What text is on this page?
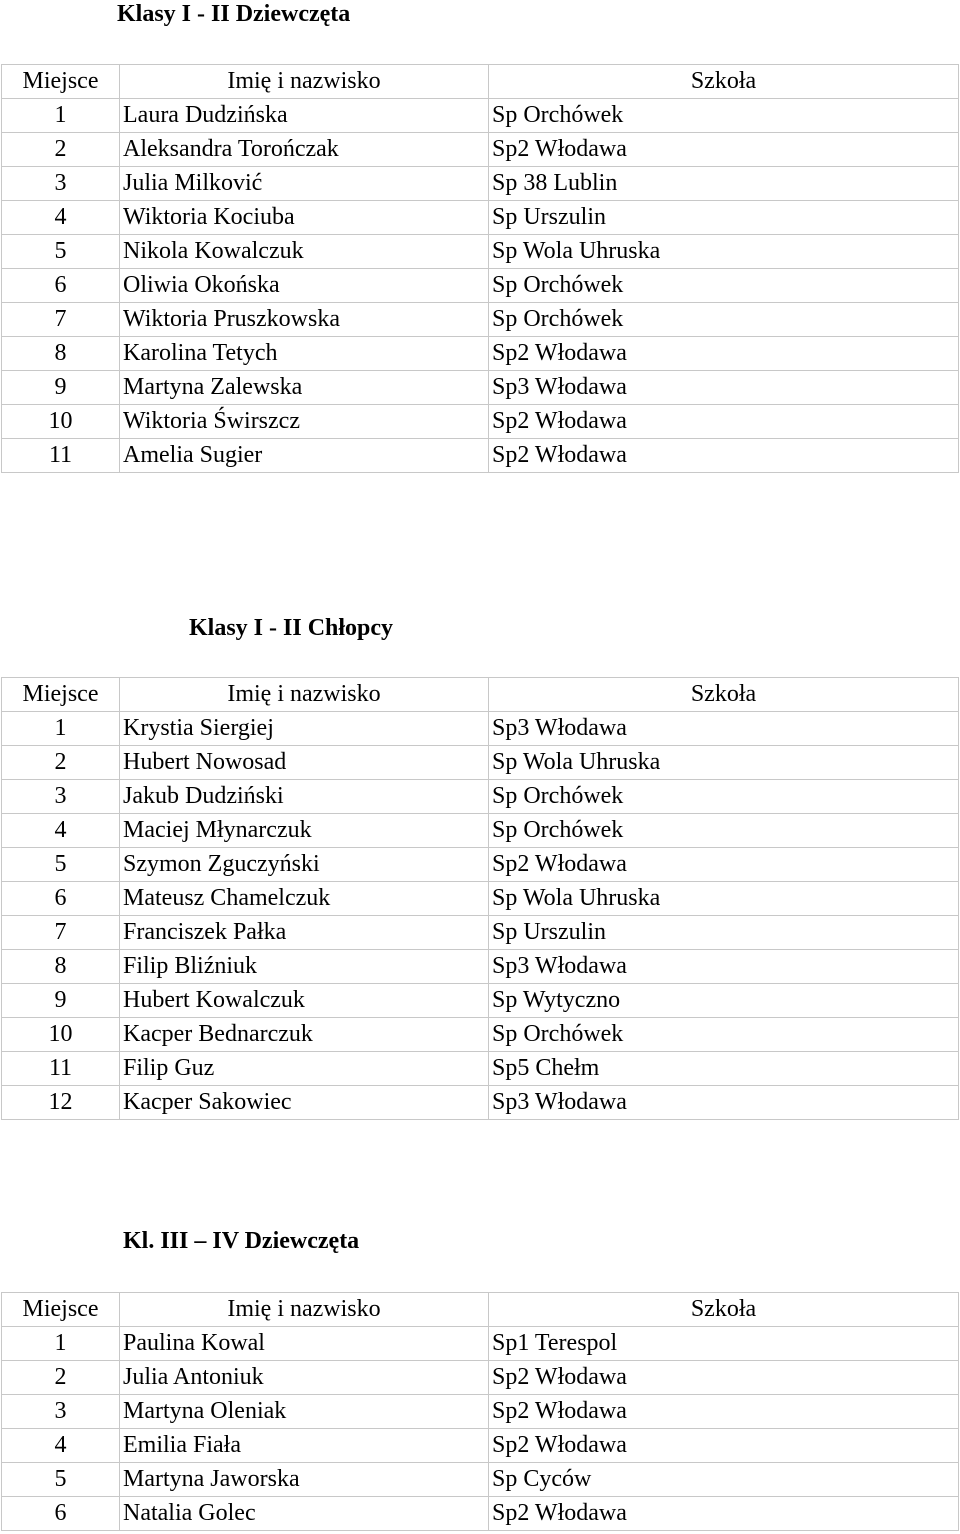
Klasy I - II Dziewczęta
Miejsce	Imię i nazwisko	Szkoła
1	Laura Dudzińska	Sp Orchówek
2	Aleksandra Torończak	Sp2 Włodawa
3	Julia Milković	Sp 38 Lublin
4	Wiktoria Kociuba	Sp Urszulin
5	Nikola Kowalczuk	Sp Wola Uhruska
6	Oliwia Okońska	Sp Orchówek
7	Wiktoria Pruszkowska	Sp Orchówek
8	Karolina Tetych	Sp2 Włodawa
9	Martyna Zalewska	Sp3 Włodawa
10	Wiktoria Świrszcz	Sp2 Włodawa
11	Amelia Sugier	Sp2 Włodawa
Klasy I - II Chłopcy
Miejsce	Imię i nazwisko	Szkoła
1	Krystia Siergiej	Sp3 Włodawa
2	Hubert Nowosad	Sp Wola Uhruska
3	Jakub Dudziński	Sp Orchówek
4	Maciej Młynarczuk	Sp Orchówek
5	Szymon Zguczyński	Sp2 Włodawa
6	Mateusz Chamelczuk	Sp Wola Uhruska
7	Franciszek Pałka	Sp Urszulin
8	Filip Bliźniuk	Sp3 Włodawa
9	Hubert Kowalczuk	Sp Wytyczno
10	Kacper Bednarczuk	Sp Orchówek
11	Filip Guz	Sp5 Chełm
12	Kacper Sakowiec	Sp3 Włodawa
Kl. III – IV Dziewczęta
Miejsce	Imię i nazwisko	Szkoła
1	Paulina Kowal	Sp1 Terespol
2	Julia Antoniuk	Sp2 Włodawa
3	Martyna Oleniak	Sp2 Włodawa
4	Emilia Fiała	Sp2 Włodawa
5	Martyna Jaworska	Sp Cyców
6	Natalia Golec	Sp2 Włodawa
